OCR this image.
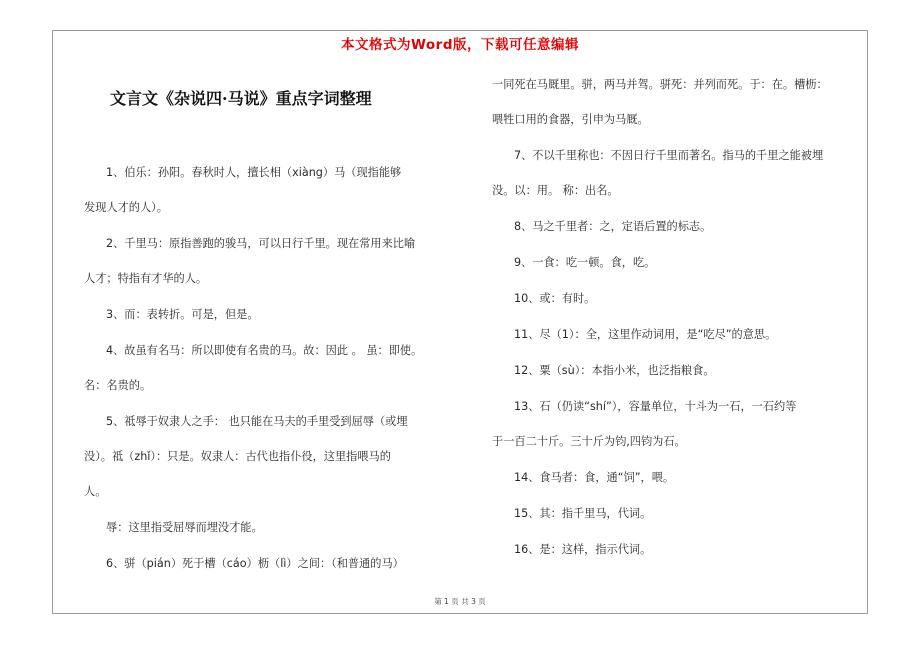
本文格式为Word版，下载可任意编辑
文言文《杂说四·马说》重点字词整理

1、伯乐：孙阳。春秋时人，擅长相（xiàng）马（现指能够

发现人才的人）。

2、千里马：原指善跑的骏马，可以日行千里。现在常用来比喻

人才；特指有才华的人。

3、而：表转折。可是，但是。

4、故虽有名马：所以即使有名贵的马。故：因此 。 虽：即使。

名：名贵的。

5、祗辱于奴隶人之手： 也只能在马夫的手里受到屈辱（或埋

没）。祗（zhǐ）：只是。奴隶人：古代也指仆役，这里指喂马的

人。

辱：这里指受屈辱而埋没才能。

6、骈（pián）死于槽（cáo）枥（lì）之间：（和普通的马）

一同死在马厩里。骈，两马并驾。骈死：并列而死。于：在。槽枥：

喂牲口用的食器，引申为马厩。

7、不以千里称也：不因日行千里而著名。指马的千里之能被埋

没。以：用。 称：出名。

8、马之千里者：之，定语后置的标志。

9、一食：吃一顿。食，吃。

10、或：有时。

11、尽（1）：全，这里作动词用，是“吃尽”的意思。

12、粟（sù）：本指小米，也泛指粮食。

13、石（仍读“shí”），容量单位，十斗为一石，一石约等

于一百二十斤。三十斤为钧,四钧为石。

14、食马者：食，通“饲”，喂。

15、其：指千里马，代词。

16、是：这样，指示代词。

第 1 页 共 3 页
